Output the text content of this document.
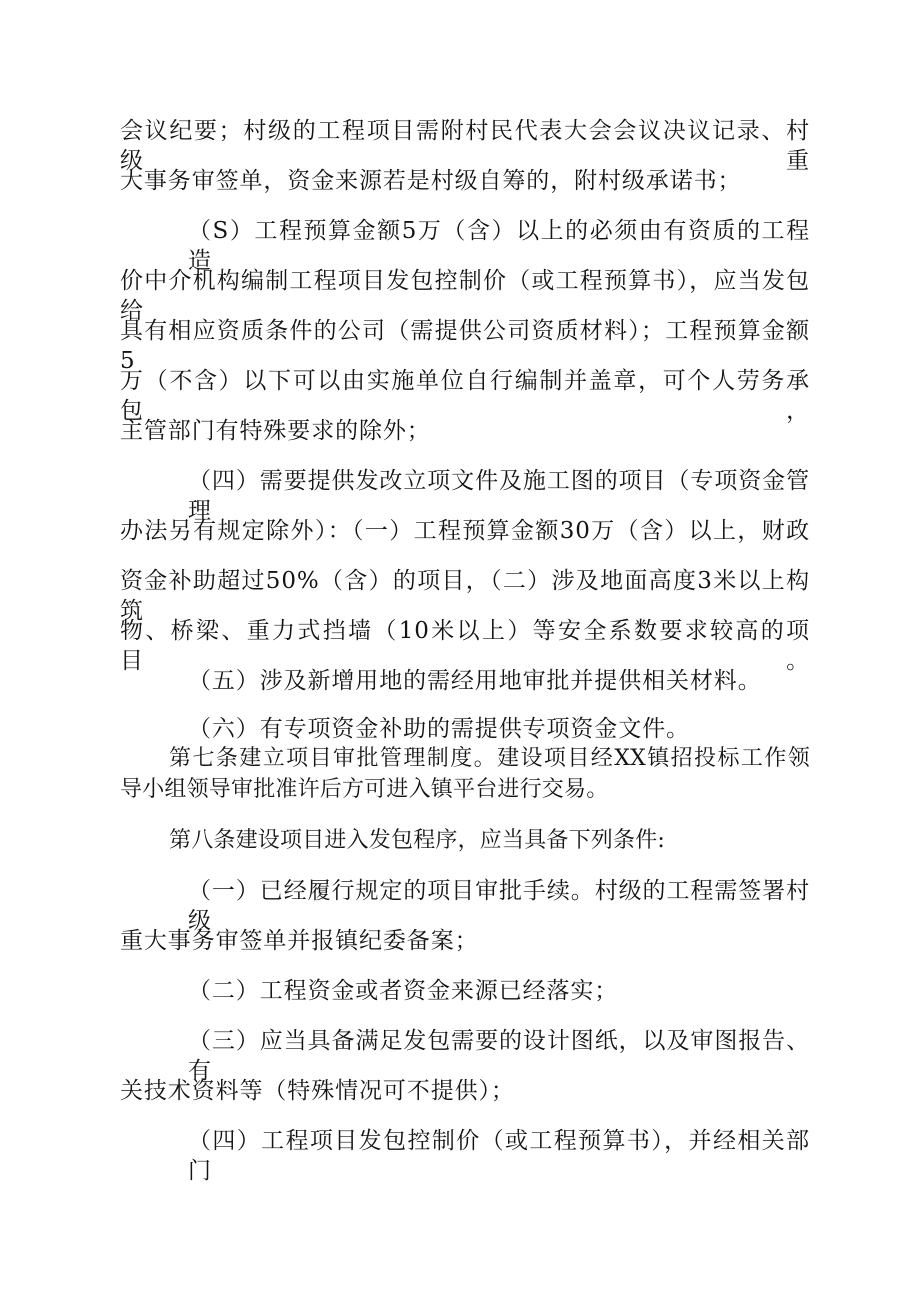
会议纪要；村级的工程项目需附村民代表大会会议决议记录、村级重

大事务审签单，资金来源若是村级自筹的，附村级承诺书；

（S）工程预算金额5万（含）以上的必须由有资质的工程造

价中介机构编制工程项目发包控制价（或工程预算书），应当发包给

具有相应资质条件的公司（需提供公司资质材料）；工程预算金额5

万（不含）以下可以由实施单位自行编制并盖章，可个人劳务承包，

主管部门有特殊要求的除外；

（四）需要提供发改立项文件及施工图的项目（专项资金管理

办法另有规定除外）：（一）工程预算金额30万（含）以上，财政

资金补助超过50%（含）的项目，（二）涉及地面高度3米以上构筑

物、桥梁、重力式挡墙（10米以上）等安全系数要求较高的项目。

（五）涉及新增用地的需经用地审批并提供相关材料。

（六）有专项资金补助的需提供专项资金文件。

第七条建立项目审批管理制度。建设项目经XX镇招投标工作领

导小组领导审批准许后方可进入镇平台进行交易。

第八条建设项目进入发包程序，应当具备下列条件:

（一）已经履行规定的项目审批手续。村级的工程需签署村级

重大事务审签单并报镇纪委备案；

（二）工程资金或者资金来源已经落实；

（三）应当具备满足发包需要的设计图纸，以及审图报告、有

关技术资料等（特殊情况可不提供）；

（四）工程项目发包控制价（或工程预算书），并经相关部门
